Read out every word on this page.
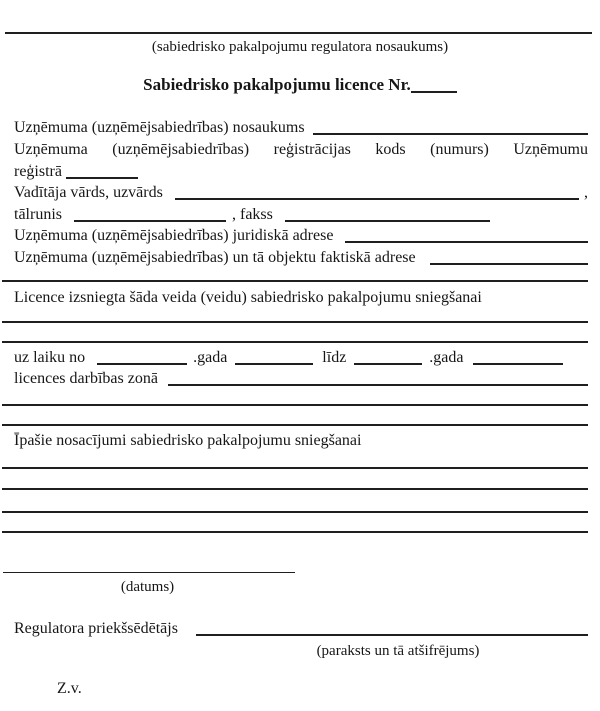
(sabiedrisko pakalpojumu regulatora nosaukums)
Sabiedrisko pakalpojumu licence Nr.
Uzņēmuma (uzņēmējsabiedrības) nosaukums
Uzņēmuma (uzņēmējsabiedrības) reģistrācijas kods (numurs) Uzņēmumu
reģistrā
Vadītāja vārds, uzvārds	,
tālrunis	, fakss
Uzņēmuma (uzņēmējsabiedrības) juridiskā adrese
Uzņēmuma (uzņēmējsabiedrības) un tā objektu faktiskā adrese
Licence izsniegta šāda veida (veidu) sabiedrisko pakalpojumu sniegšanai
uz laiku no	.gada	līdz	.gada
licences darbības zonā
Īpašie nosacījumi sabiedrisko pakalpojumu sniegšanai
(datums)
Regulatora priekšsēdētājs
(paraksts un tā atšifrējums)
Z.v.
